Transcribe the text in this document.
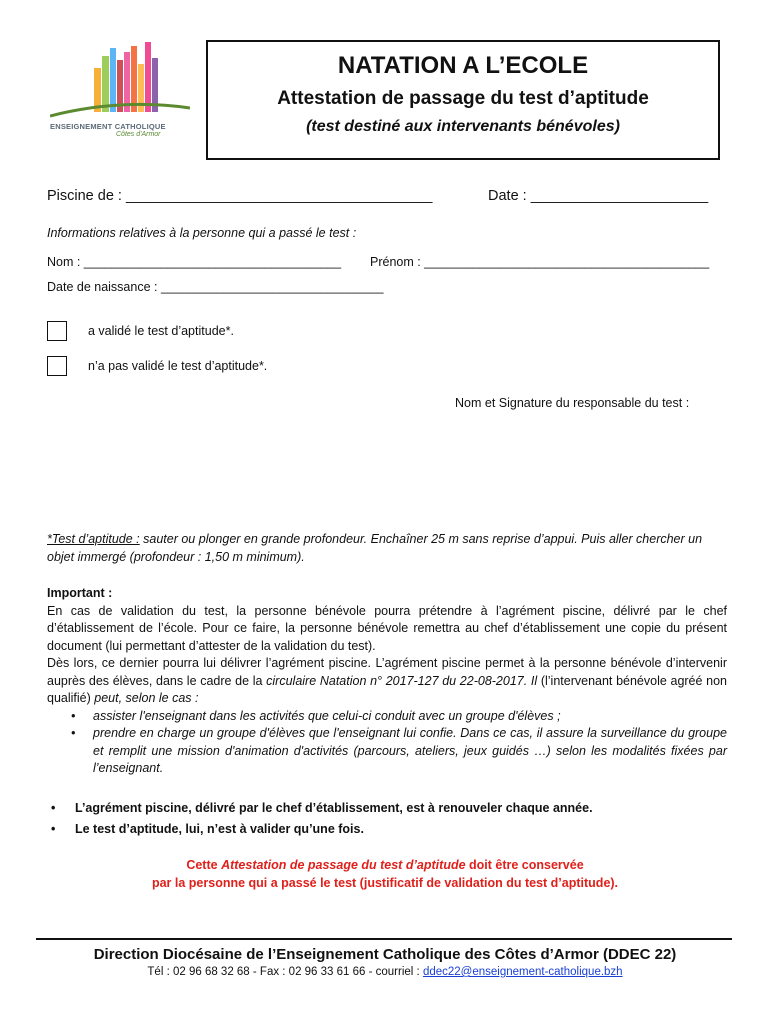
ENSEIGNEMENT CATHOLIQUE
Côtes d'Armor
NATATION A L’ECOLE
Attestation de passage du test d’aptitude
(test destiné aux intervenants bénévoles)
Piscine de : ______________________________________	Date : ______________________
Informations relatives à la personne qui a passé le test :
Nom : _____________________________________ Prénom : _________________________________________
Date de naissance : ________________________________
a validé le test d’aptitude*.
n’a pas validé le test d’aptitude*.
Nom et Signature du responsable du test :
*Test d’aptitude : sauter ou plonger en grande profondeur. Enchaîner 25 m sans reprise d’appui. Puis aller chercher un objet immergé (profondeur : 1,50 m minimum).
Important :
En cas de validation du test, la personne bénévole pourra prétendre à l’agrément piscine, délivré par le chef d’établissement de l’école. Pour ce faire, la personne bénévole remettra au chef d’établissement une copie du présent document (lui permettant d’attester de la validation du test).
Dès lors, ce dernier pourra lui délivrer l’agrément piscine. L’agrément piscine permet à la personne bénévole d’intervenir auprès des élèves, dans le cadre de la circulaire Natation n° 2017-127 du 22-08-2017. Il (l’intervenant bénévole agréé non qualifié) peut, selon le cas :
• assister l'enseignant dans les activités que celui-ci conduit avec un groupe d'élèves ;
• prendre en charge un groupe d'élèves que l'enseignant lui confie. Dans ce cas, il assure la surveillance du groupe et remplit une mission d'animation d'activités (parcours, ateliers, jeux guidés …) selon les modalités fixées par l’enseignant.
• L’agrément piscine, délivré par le chef d’établissement, est à renouveler chaque année.
• Le test d’aptitude, lui, n’est à valider qu’une fois.
Cette Attestation de passage du test d’aptitude doit être conservée
par la personne qui a passé le test (justificatif de validation du test d’aptitude).
Direction Diocésaine de l’Enseignement Catholique des Côtes d’Armor (DDEC 22)
Tél : 02 96 68 32 68 - Fax : 02 96 33 61 66 - courriel : ddec22@enseignement-catholique.bzh
